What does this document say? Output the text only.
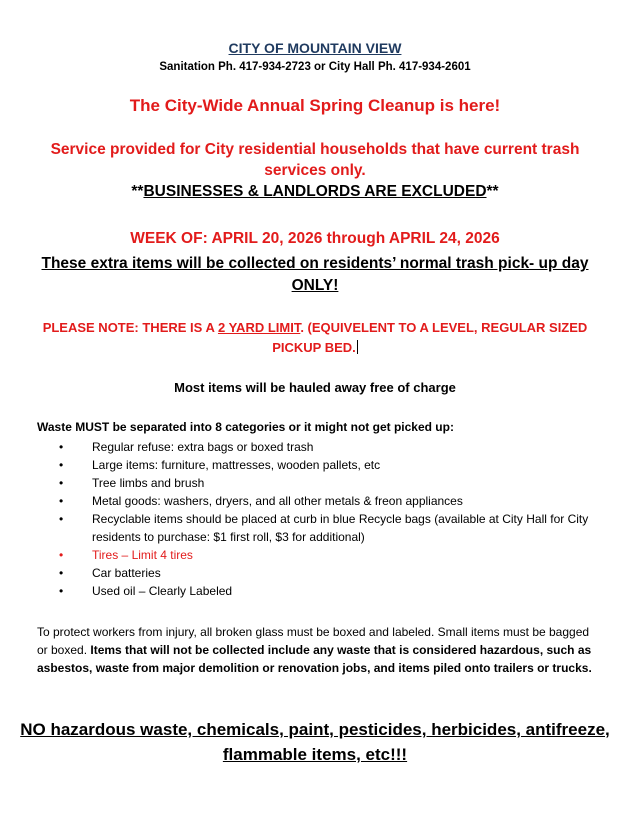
CITY OF MOUNTAIN VIEW
Sanitation Ph. 417-934-2723 or City Hall Ph. 417-934-2601
The City-Wide Annual Spring Cleanup is here!
Service provided for City residential households that have current trash services only.
**BUSINESSES & LANDLORDS ARE EXCLUDED**
WEEK OF: APRIL 20, 2026 through APRIL 24, 2026
These extra items will be collected on residents’ normal trash pick- up day ONLY!
PLEASE NOTE: THERE IS A 2 YARD LIMIT. (EQUIVELENT TO A LEVEL, REGULAR SIZED PICKUP BED.
Most items will be hauled away free of charge
Waste MUST be separated into 8 categories or it might not get picked up:
• Regular refuse: extra bags or boxed trash
• Large items: furniture, mattresses, wooden pallets, etc
• Tree limbs and brush
• Metal goods: washers, dryers, and all other metals & freon appliances
• Recyclable items should be placed at curb in blue Recycle bags (available at City Hall for City residents to purchase: $1 first roll, $3 for additional)
• Tires – Limit 4 tires
• Car batteries
• Used oil – Clearly Labeled
To protect workers from injury, all broken glass must be boxed and labeled. Small items must be bagged or boxed. Items that will not be collected include any waste that is considered hazardous, such as asbestos, waste from major demolition or renovation jobs, and items piled onto trailers or trucks.
NO hazardous waste, chemicals, paint, pesticides, herbicides, antifreeze, flammable items, etc!!!
